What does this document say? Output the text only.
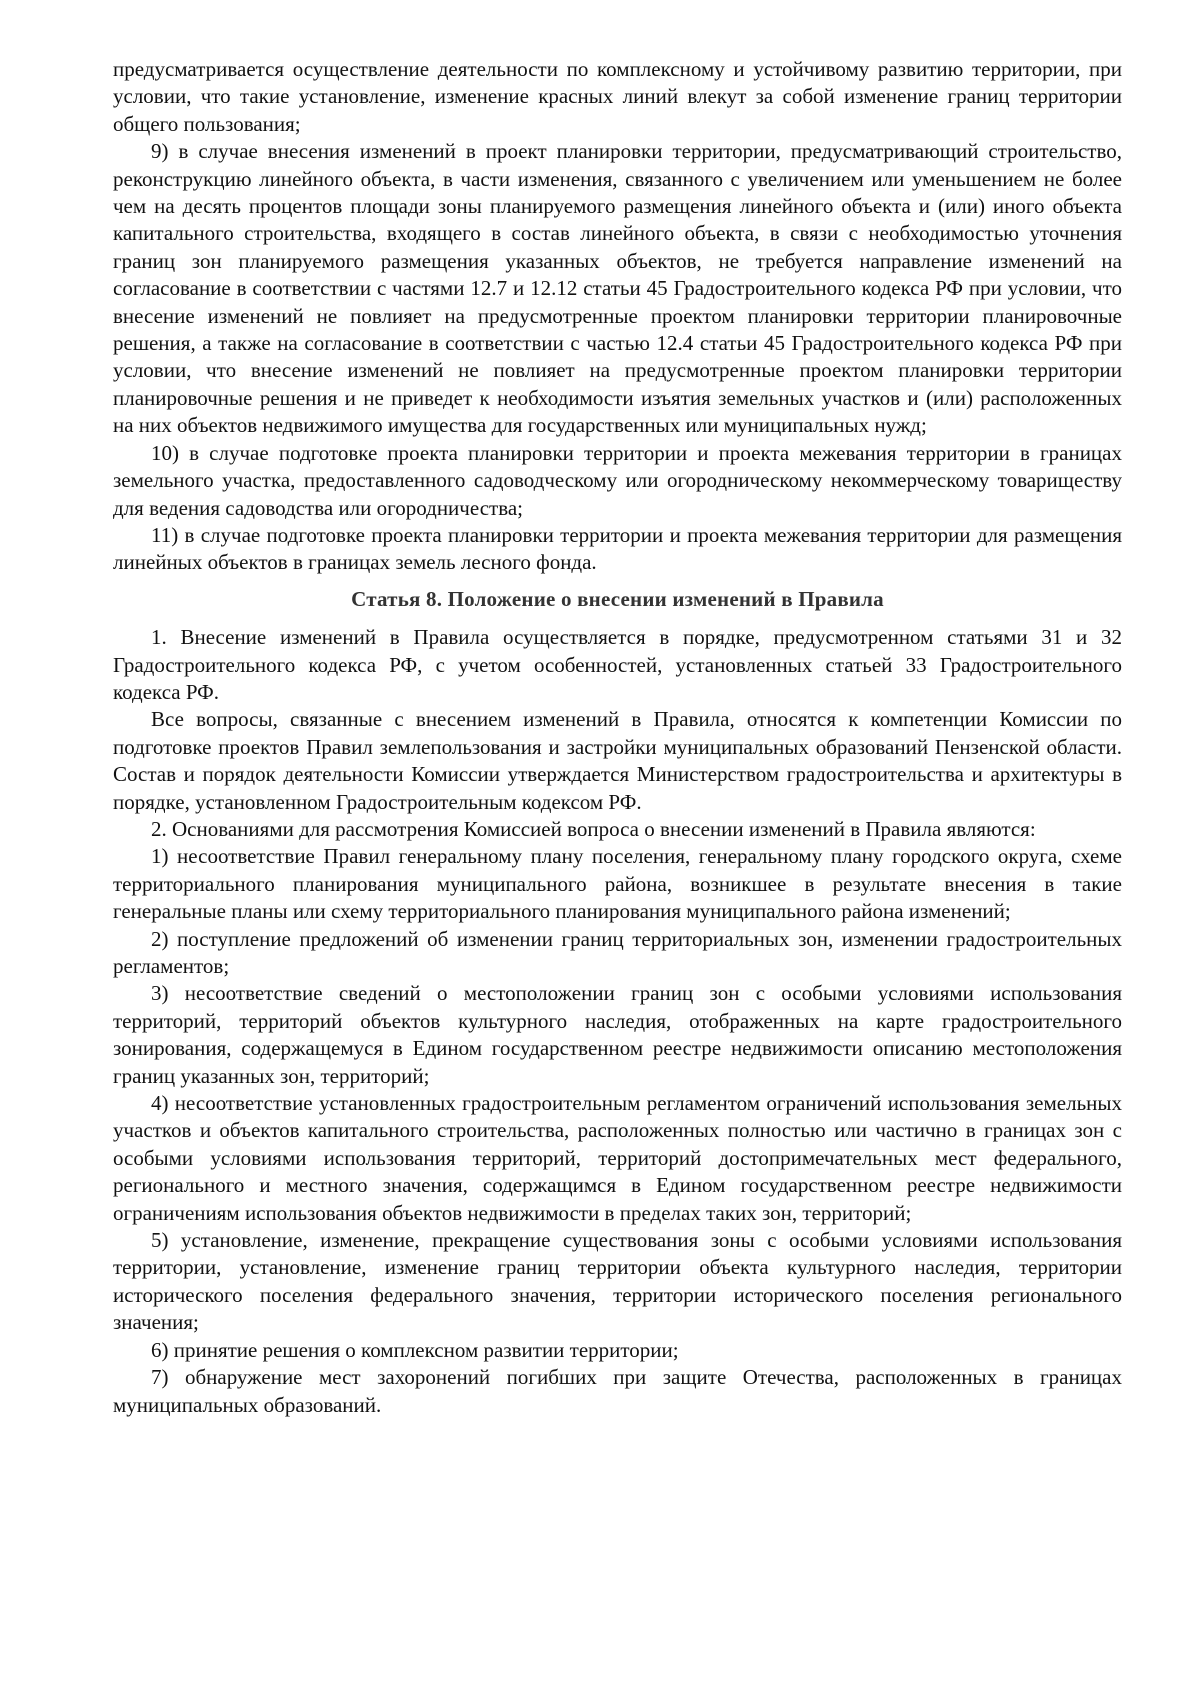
предусматривается осуществление деятельности по комплексному и устойчивому развитию территории, при условии, что такие установление, изменение красных линий влекут за собой изменение границ территории общего пользования;

9) в случае внесения изменений в проект планировки территории, предусматривающий строительство, реконструкцию линейного объекта, в части изменения, связанного с увеличением или уменьшением не более чем на десять процентов площади зоны планируемого размещения линейного объекта и (или) иного объекта капитального строительства, входящего в состав линейного объекта, в связи с необходимостью уточнения границ зон планируемого размещения указанных объектов, не требуется направление изменений на согласование в соответствии с частями 12.7 и 12.12 статьи 45 Градостроительного кодекса РФ при условии, что внесение изменений не повлияет на предусмотренные проектом планировки территории планировочные решения, а также на согласование в соответствии с частью 12.4 статьи 45 Градостроительного кодекса РФ при условии, что внесение изменений не повлияет на предусмотренные проектом планировки территории планировочные решения и не приведет к необходимости изъятия земельных участков и (или) расположенных на них объектов недвижимого имущества для государственных или муниципальных нужд;

10) в случае подготовке проекта планировки территории и проекта межевания территории в границах земельного участка, предоставленного садоводческому или огородническому некоммерческому товариществу для ведения садоводства или огородничества;

11) в случае подготовке проекта планировки территории и проекта межевания территории для размещения линейных объектов в границах земель лесного фонда.

Статья 8. Положение о внесении изменений в Правила

1. Внесение изменений в Правила осуществляется в порядке, предусмотренном статьями 31 и 32 Градостроительного кодекса РФ, с учетом особенностей, установленных статьей 33 Градостроительного кодекса РФ.

Все вопросы, связанные с внесением изменений в Правила, относятся к компетенции Комиссии по подготовке проектов Правил землепользования и застройки муниципальных образований Пензенской области. Состав и порядок деятельности Комиссии утверждается Министерством градостроительства и архитектуры в порядке, установленном Градостроительным кодексом РФ.

2. Основаниями для рассмотрения Комиссией вопроса о внесении изменений в Правила являются:

1) несоответствие Правил генеральному плану поселения, генеральному плану городского округа, схеме территориального планирования муниципального района, возникшее в результате внесения в такие генеральные планы или схему территориального планирования муниципального района изменений;

2) поступление предложений об изменении границ территориальных зон, изменении градостроительных регламентов;

3) несоответствие сведений о местоположении границ зон с особыми условиями использования территорий, территорий объектов культурного наследия, отображенных на карте градостроительного зонирования, содержащемуся в Едином государственном реестре недвижимости описанию местоположения границ указанных зон, территорий;

4) несоответствие установленных градостроительным регламентом ограничений использования земельных участков и объектов капитального строительства, расположенных полностью или частично в границах зон с особыми условиями использования территорий, территорий достопримечательных мест федерального, регионального и местного значения, содержащимся в Едином государственном реестре недвижимости ограничениям использования объектов недвижимости в пределах таких зон, территорий;

5) установление, изменение, прекращение существования зоны с особыми условиями использования территории, установление, изменение границ территории объекта культурного наследия, территории исторического поселения федерального значения, территории исторического поселения регионального значения;

6) принятие решения о комплексном развитии территории;

7) обнаружение мест захоронений погибших при защите Отечества, расположенных в границах муниципальных образований.
